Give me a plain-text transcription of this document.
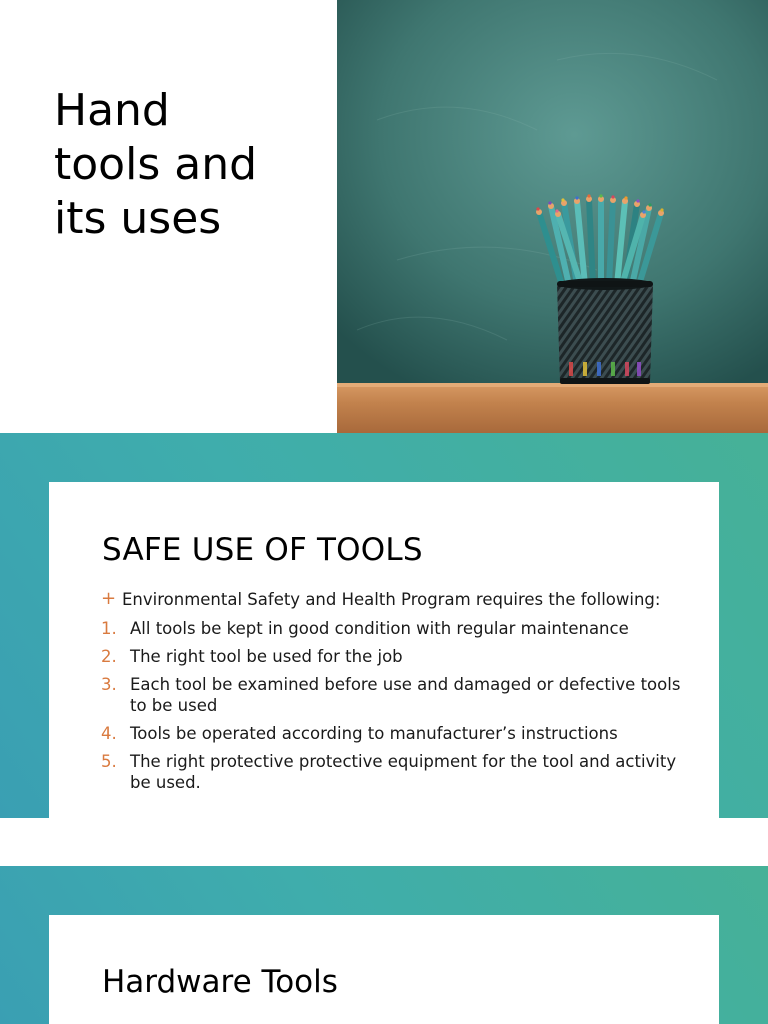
Hand
tools and
its uses
SAFE USE OF TOOLS
+ Environmental Safety and Health Program requires the following:
1. All tools be kept in good condition with regular maintenance
2. The right tool be used for the job
3. Each tool be examined before use and damaged or defective tools to be used
4. Tools be operated according to manufacturer’s instructions
5. The right protective protective equipment for the tool and activity be used.
Hardware Tools
